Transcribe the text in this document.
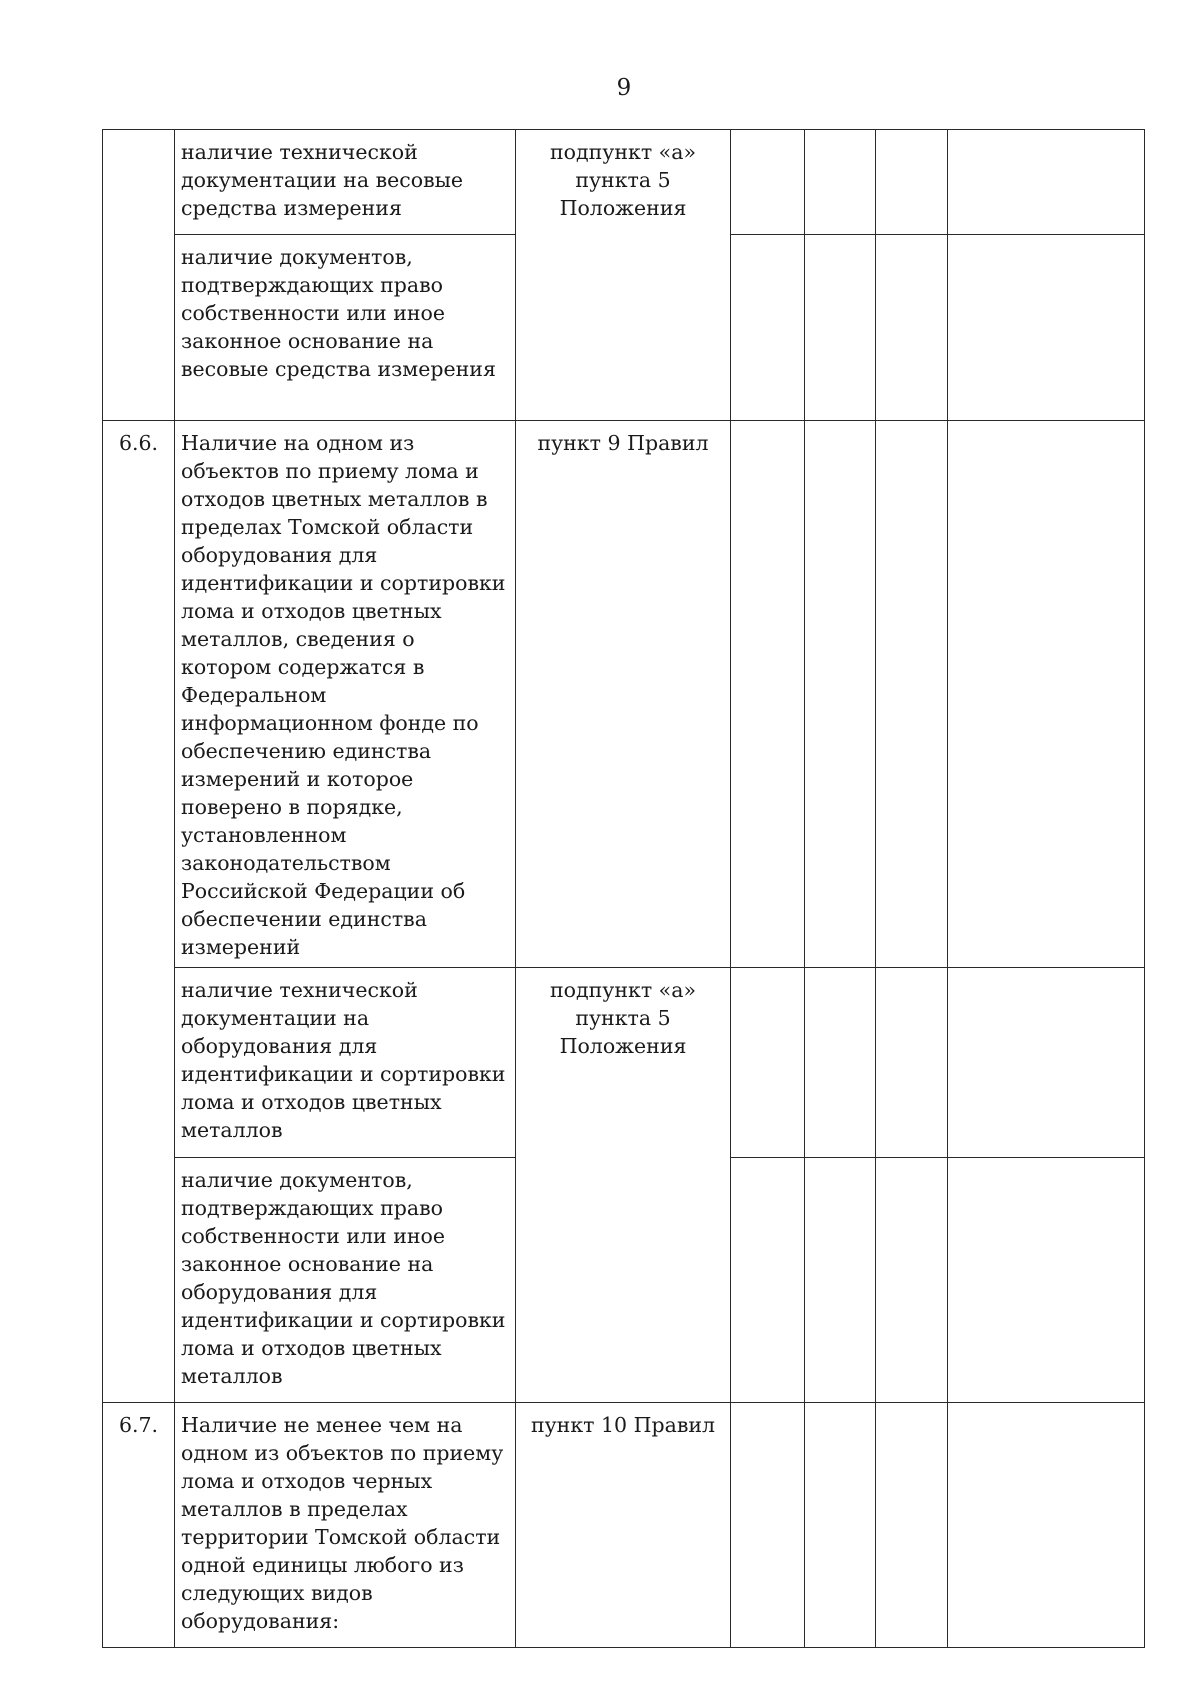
9
	наличие технической документации на весовые средства измерения	подпункт «а» пункта 5 Положения				
	наличие документов, подтверждающих право собственности или иное законное основание на весовые средства измерения					
6.6.	Наличие на одном из объектов по приему лома и отходов цветных металлов в пределах Томской области оборудования для идентификации и сортировки лома и отходов цветных металлов, сведения о котором содержатся в Федеральном информационном фонде по обеспечению единства измерений и которое поверено в порядке, установленном законодательством Российской Федерации об обеспечении единства измерений	пункт 9 Правил				
	наличие технической документации на оборудования для идентификации и сортировки лома и отходов цветных металлов	подпункт «а» пункта 5 Положения				
	наличие документов, подтверждающих право собственности или иное законное основание на оборудования для идентификации и сортировки лома и отходов цветных металлов					
6.7.	Наличие не менее чем на одном из объектов по приему лома и отходов черных металлов в пределах территории Томской области одной единицы любого из следующих видов оборудования:	пункт 10 Правил				
